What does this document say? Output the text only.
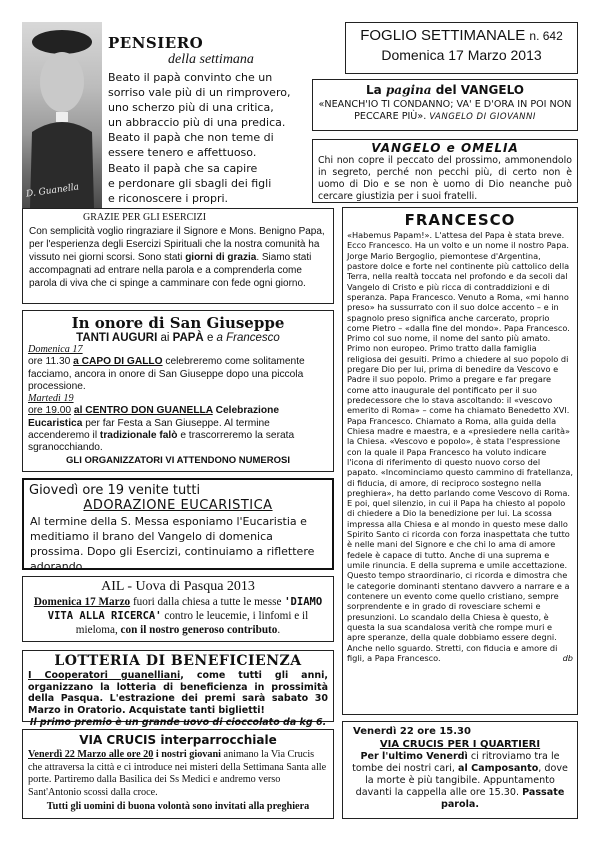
D. Guanella
PENSIERO
della settimana
Beato il papà convinto che un
sorriso vale più di un rimprovero,
uno scherzo più di una critica,
un abbraccio più di una predica.
Beato il papà che non teme di
essere tenero e affettuoso.
Beato il papà che sa capire
e perdonare gli sbagli dei figli
e riconoscere i propri.
FOGLIO SETTIMANALE n. 642
Domenica 17 Marzo 2013
La pagina del VANGELO
«NEANCH'IO TI CONDANNO; VA' E D'ORA IN POI NON PECCARE PIÙ». VANGELO DI GIOVANNI
VANGELO e OMELIA
Chi non copre il peccato del prossimo, ammonendolo in segreto, perché non pecchi più, di certo non è uomo di Dio e se non è uomo di Dio neanche può cercare giustizia per i suoi fratelli.
GRAZIE PER GLI ESERCIZI
Con semplicità voglio ringraziare il Signore e Mons. Benigno Papa, per l'esperienza degli Esercizi Spirituali che la nostra comunità ha vissuto nei giorni scorsi. Sono stati giorni di grazia. Siamo stati accompagnati ad entrare nella parola e a comprenderla come parola di viva che ci spinge a camminare con fede ogni giorno.
In onore di San Giuseppe
TANTI AUGURI ai PAPÀ e a Francesco
Domenica 17
ore 11.30 a CAPO DI GALLO celebreremo come solitamente facciamo, ancora in onore di San Giuseppe dopo una piccola processione.
Martedì 19
ore 19.00 al CENTRO DON GUANELLA Celebrazione Eucaristica per far Festa a San Giuseppe. Al termine accenderemo il tradizionale falò e trascorreremo la serata sgranocchiando.
GLI ORGANIZZATORI VI ATTENDONO NUMEROSI
Giovedì ore 19 venite tutti
ADORAZIONE EUCARISTICA
Al termine della S. Messa esponiamo l'Eucaristia e meditiamo il brano del Vangelo di domenica prossima. Dopo gli Esercizi, continuiamo a riflettere adorando.
AIL - Uova di Pasqua 2013
Domenica 17 Marzo fuori dalla chiesa a tutte le messe 'DIAMO VITA ALLA RICERCA' contro le leucemie, i linfomi e il mieloma, con il nostro generoso contributo.
LOTTERIA DI BENEFICIENZA
I Cooperatori guanelliani, come tutti gli anni, organizzano la lotteria di beneficienza in prossimità della Pasqua. L'estrazione dei premi sarà sabato 30 Marzo in Oratorio. Acquistate tanti biglietti!
Il primo premio è un grande uovo di cioccolato da kg 6.
VIA CRUCIS interparrocchiale
Venerdì 22 Marzo alle ore 20 i nostri giovani animano la Via Crucis che attraversa la città e ci introduce nei misteri della Settimana Santa alle porte. Partiremo dalla Basilica dei Ss Medici e andremo verso Sant'Antonio scossi dalla croce.
Tutti gli uomini di buona volontà sono invitati alla preghiera
FRANCESCO
«Habemus Papam!». L'attesa del Papa è stata breve. Ecco Francesco. Ha un volto e un nome il nostro Papa. Jorge Mario Bergoglio, piemontese d'Argentina, pastore dolce e forte nel continente più cattolico della Terra, nella realtà toccata nel profondo e da secoli dal Vangelo di Cristo e più ricca di contraddizioni e di speranza. Papa Francesco. Venuto a Roma, «mi hanno preso» ha sussurrato con il suo dolce accento – e in spagnolo preso significa anche carcerato, proprio come Pietro – «dalla fine del mondo». Papa Francesco. Primo col suo nome, il nome del santo più amato. Primo non europeo. Primo tratto dalla famiglia religiosa dei gesuiti. Primo a chiedere al suo popolo di pregare Dio per lui, prima di benedire da Vescovo e Padre il suo popolo. Primo a pregare e far pregare come atto inaugurale del pontificato per il suo predecessore che lo stava ascoltando: il «vescovo emerito di Roma» – come ha chiamato Benedetto XVI. Papa Francesco. Chiamato a Roma, alla guida della Chiesa madre e maestra, e a «presiedere nella carità» la Chiesa. «Vescovo e popolo», è stata l'espressione con la quale il Papa Francesco ha voluto indicare l'icona di riferimento di questo nuovo corso del papato. «Incominciamo questo cammino di fratellanza, di fiducia, di amore, di reciproco sostegno nella preghiera», ha detto parlando come Vescovo di Roma. E poi, quel silenzio, in cui il Papa ha chiesto al popolo di chiedere a Dio la benedizione per lui. La scossa impressa alla Chiesa e al mondo in questo mese dallo Spirito Santo ci ricorda con forza inaspettata che tutto è nelle mani del Signore e che chi lo ama di amore fedele è capace di tutto. Anche di una suprema e umile rinuncia. E della suprema e umile accettazione. Questo tempo straordinario, ci ricorda e dimostra che le categorie dominanti stentano davvero a narrare e a contenere un evento come quello cristiano, sempre sorprendente e in grado di rovesciare schemi e presunzioni. Lo scandalo della Chiesa è questo, è questa la sua scandalosa verità che rompe muri e apre speranze, della quale dobbiamo essere degni. Anche nello sguardo. Stretti, con fiducia e amore di figli, a Papa Francesco.	db
Venerdì 22 ore 15.30
VIA CRUCIS PER I QUARTIERI
Per l'ultimo Venerdì ci ritroviamo tra le tombe dei nostri cari, al Camposanto, dove la morte è più tangibile. Appuntamento davanti la cappella alle ore 15.30. Passate parola.
